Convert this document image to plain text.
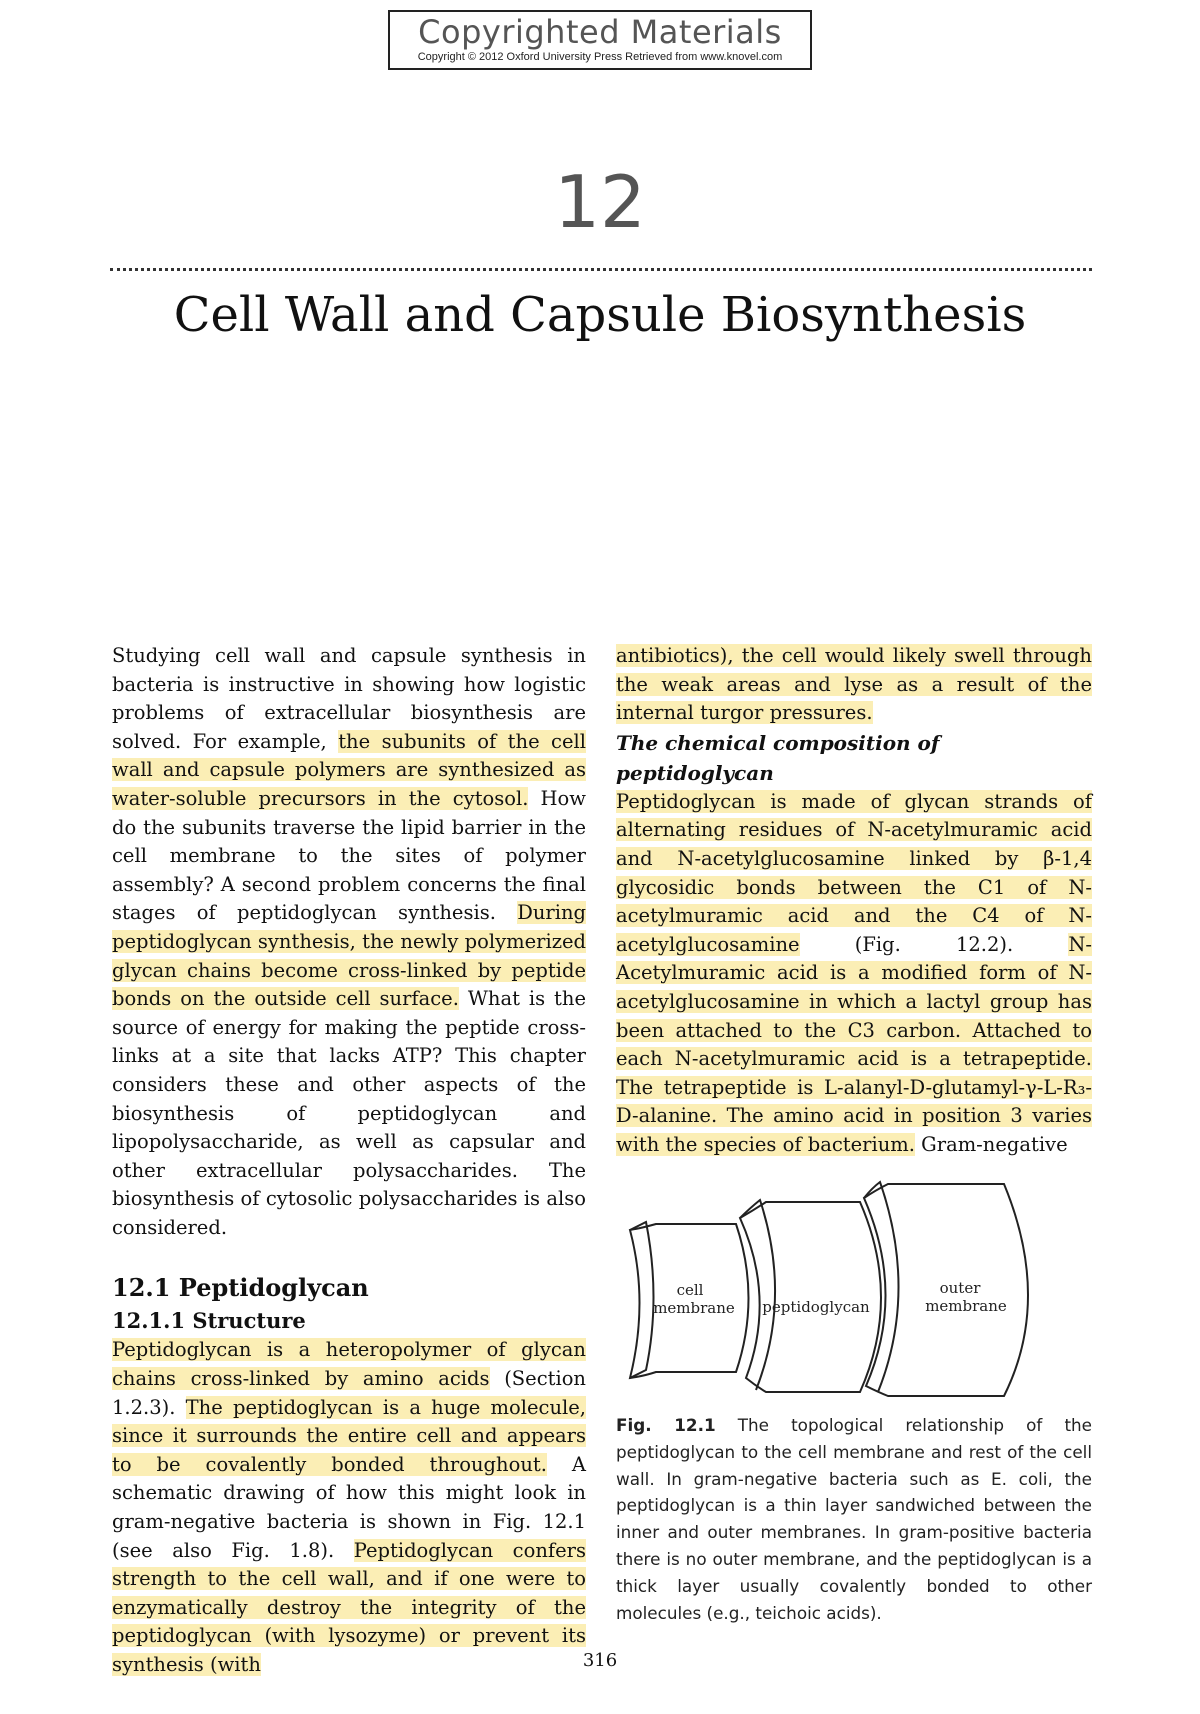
Copyrighted Materials
Copyright © 2012 Oxford University Press Retrieved from www.knovel.com
12
Cell Wall and Capsule Biosynthesis

Studying cell wall and capsule synthesis in bacteria is instructive in showing how logistic problems of extracellular biosynthesis are solved. For example, the subunits of the cell wall and capsule polymers are synthesized as water-soluble precursors in the cytosol. How do the subunits traverse the lipid barrier in the cell membrane to the sites of polymer assembly? A second problem concerns the final stages of peptidoglycan synthesis. During peptidoglycan synthesis, the newly polymerized glycan chains become cross-linked by peptide bonds on the outside cell surface. What is the source of energy for making the peptide cross-links at a site that lacks ATP? This chapter considers these and other aspects of the biosynthesis of peptidoglycan and lipopolysaccharide, as well as capsular and other extracellular polysaccharides. The biosynthesis of cytosolic polysaccharides is also considered.

12.1 Peptidoglycan
12.1.1 Structure

Peptidoglycan is a heteropolymer of glycan chains cross-linked by amino acids (Section 1.2.3). The peptidoglycan is a huge molecule, since it surrounds the entire cell and appears to be covalently bonded throughout. A schematic drawing of how this might look in gram-negative bacteria is shown in Fig. 12.1 (see also Fig. 1.8). Peptidoglycan confers strength to the cell wall, and if one were to enzymatically destroy the integrity of the peptidoglycan (with lysozyme) or prevent its synthesis (with

antibiotics), the cell would likely swell through the weak areas and lyse as a result of the internal turgor pressures.

The chemical composition of peptidoglycan

Peptidoglycan is made of glycan strands of alternating residues of N-acetylmuramic acid and N-acetylglucosamine linked by β-1,4 glycosidic bonds between the C1 of N-acetylmuramic acid and the C4 of N-acetylglucosamine (Fig. 12.2). N-Acetylmuramic acid is a modified form of N-acetylglucosamine in which a lactyl group has been attached to the C3 carbon. Attached to each N-acetylmuramic acid is a tetrapeptide. The tetrapeptide is L-alanyl-D-glutamyl-γ-L-R₃-D-alanine. The amino acid in position 3 varies with the species of bacterium. Gram-negative

cell
membrane peptidoglycan
outer
membrane
Fig. 12.1 The topological relationship of the peptidoglycan to the cell membrane and rest of the cell wall. In gram-negative bacteria such as E. coli, the peptidoglycan is a thin layer sandwiched between the inner and outer membranes. In gram-positive bacteria there is no outer membrane, and the peptidoglycan is a thick layer usually covalently bonded to other molecules (e.g., teichoic acids).
316
